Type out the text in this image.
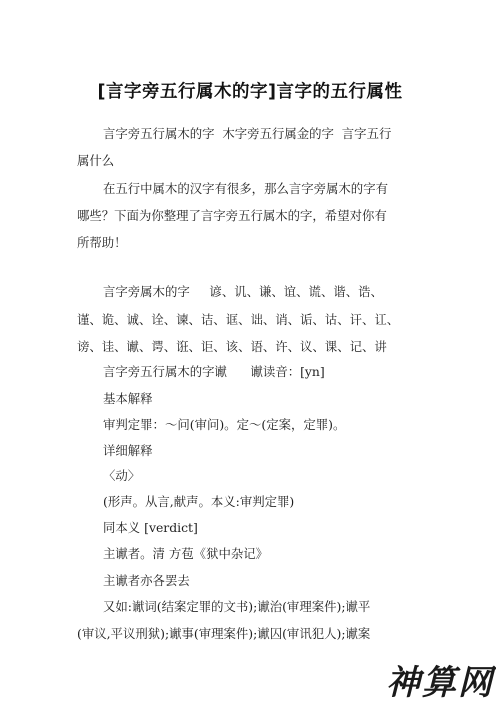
[言字旁五行属木的字]言字的五行属性
言字旁五行属木的字  木字旁五行属金的字  言字五行
属什么
在五行中属木的汉字有很多，那么言字旁属木的字有
哪些？下面为你整理了言字旁五行属木的字，希望对你有
所帮助！
言字旁属木的字     谚、讥、谦、谊、谎、谐、诰、
谨、诡、诚、诠、谏、诘、诓、诎、诮、诟、诂、讦、讧、
谤、诖、谳、谔、诳、讵、该、语、许、议、课、记、讲
言字旁五行属木的字谳      谳读音：[yn]
基本解释
审判定罪：～问(审问)。定～(定案，定罪)。
详细解释
〈动〉
(形声。从言,献声。本义:审判定罪)
同本义 [verdict]
主谳者。清 方苞《狱中杂记》
主谳者亦各罢去
又如:谳词(结案定罪的文书);谳治(审理案件);谳平
(审议,平议刑狱);谳事(审理案件);谳囚(审讯犯人);谳案
神算网
